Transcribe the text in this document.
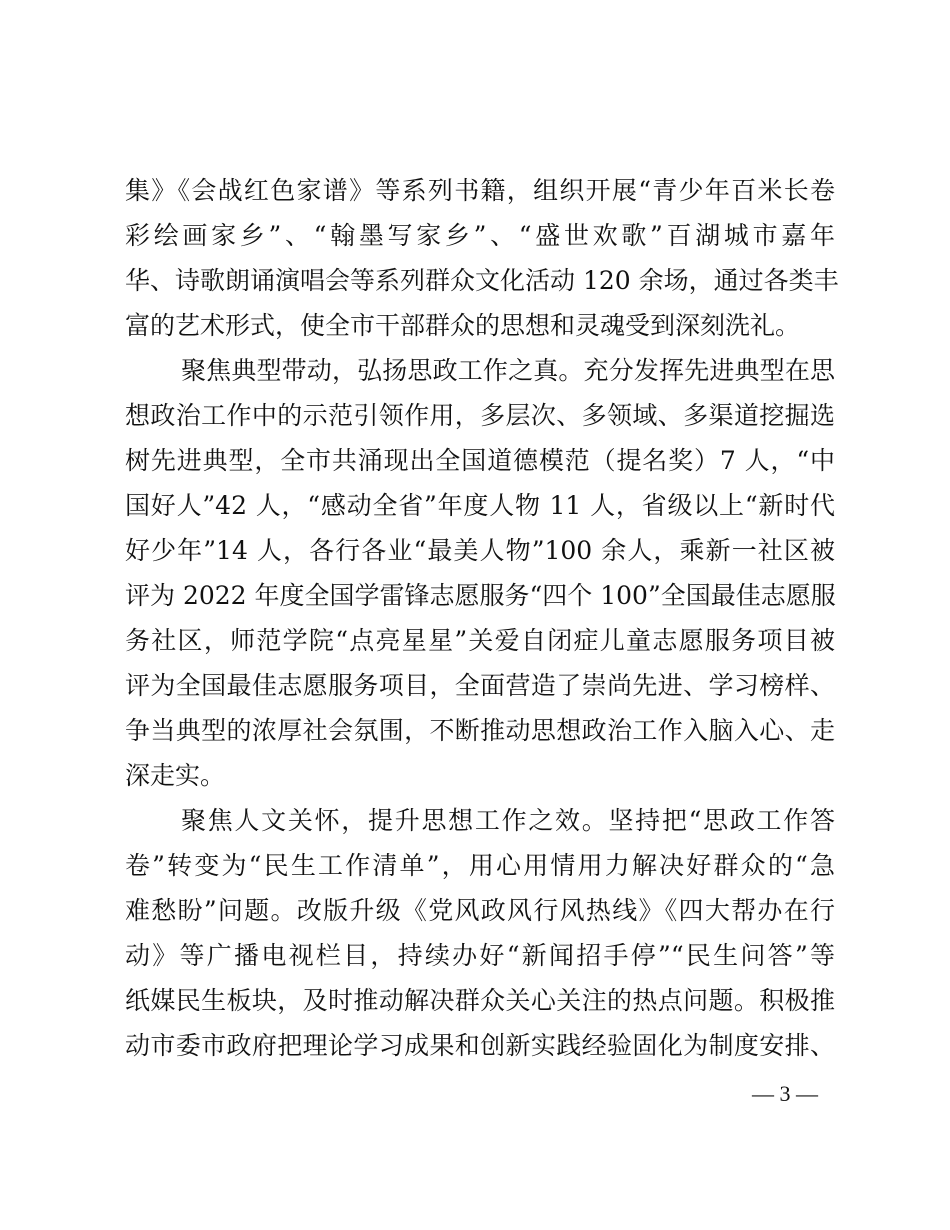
集》《会战红色家谱》等系列书籍，组织开展“青少年百米长卷
彩绘画家乡”、“翰墨写家乡”、“盛世欢歌”百湖城市嘉年
华、诗歌朗诵演唱会等系列群众文化活动 120 余场，通过各类丰
富的艺术形式，使全市干部群众的思想和灵魂受到深刻洗礼。
聚焦典型带动，弘扬思政工作之真。充分发挥先进典型在思
想政治工作中的示范引领作用，多层次、多领域、多渠道挖掘选
树先进典型，全市共涌现出全国道德模范（提名奖）7 人，“中
国好人”42 人，“感动全省”年度人物 11 人，省级以上“新时代
好少年”14 人，各行各业“最美人物”100 余人，乘新一社区被
评为 2022 年度全国学雷锋志愿服务“四个 100”全国最佳志愿服
务社区，师范学院“点亮星星”关爱自闭症儿童志愿服务项目被
评为全国最佳志愿服务项目，全面营造了崇尚先进、学习榜样、
争当典型的浓厚社会氛围，不断推动思想政治工作入脑入心、走
深走实。
聚焦人文关怀，提升思想工作之效。坚持把“思政工作答
卷”转变为“民生工作清单”，用心用情用力解决好群众的“急
难愁盼”问题。改版升级《党风政风行风热线》《四大帮办在行
动》等广播电视栏目，持续办好“新闻招手停”“民生问答”等
纸媒民生板块，及时推动解决群众关心关注的热点问题。积极推
动市委市政府把理论学习成果和创新实践经验固化为制度安排、
— 3 —
